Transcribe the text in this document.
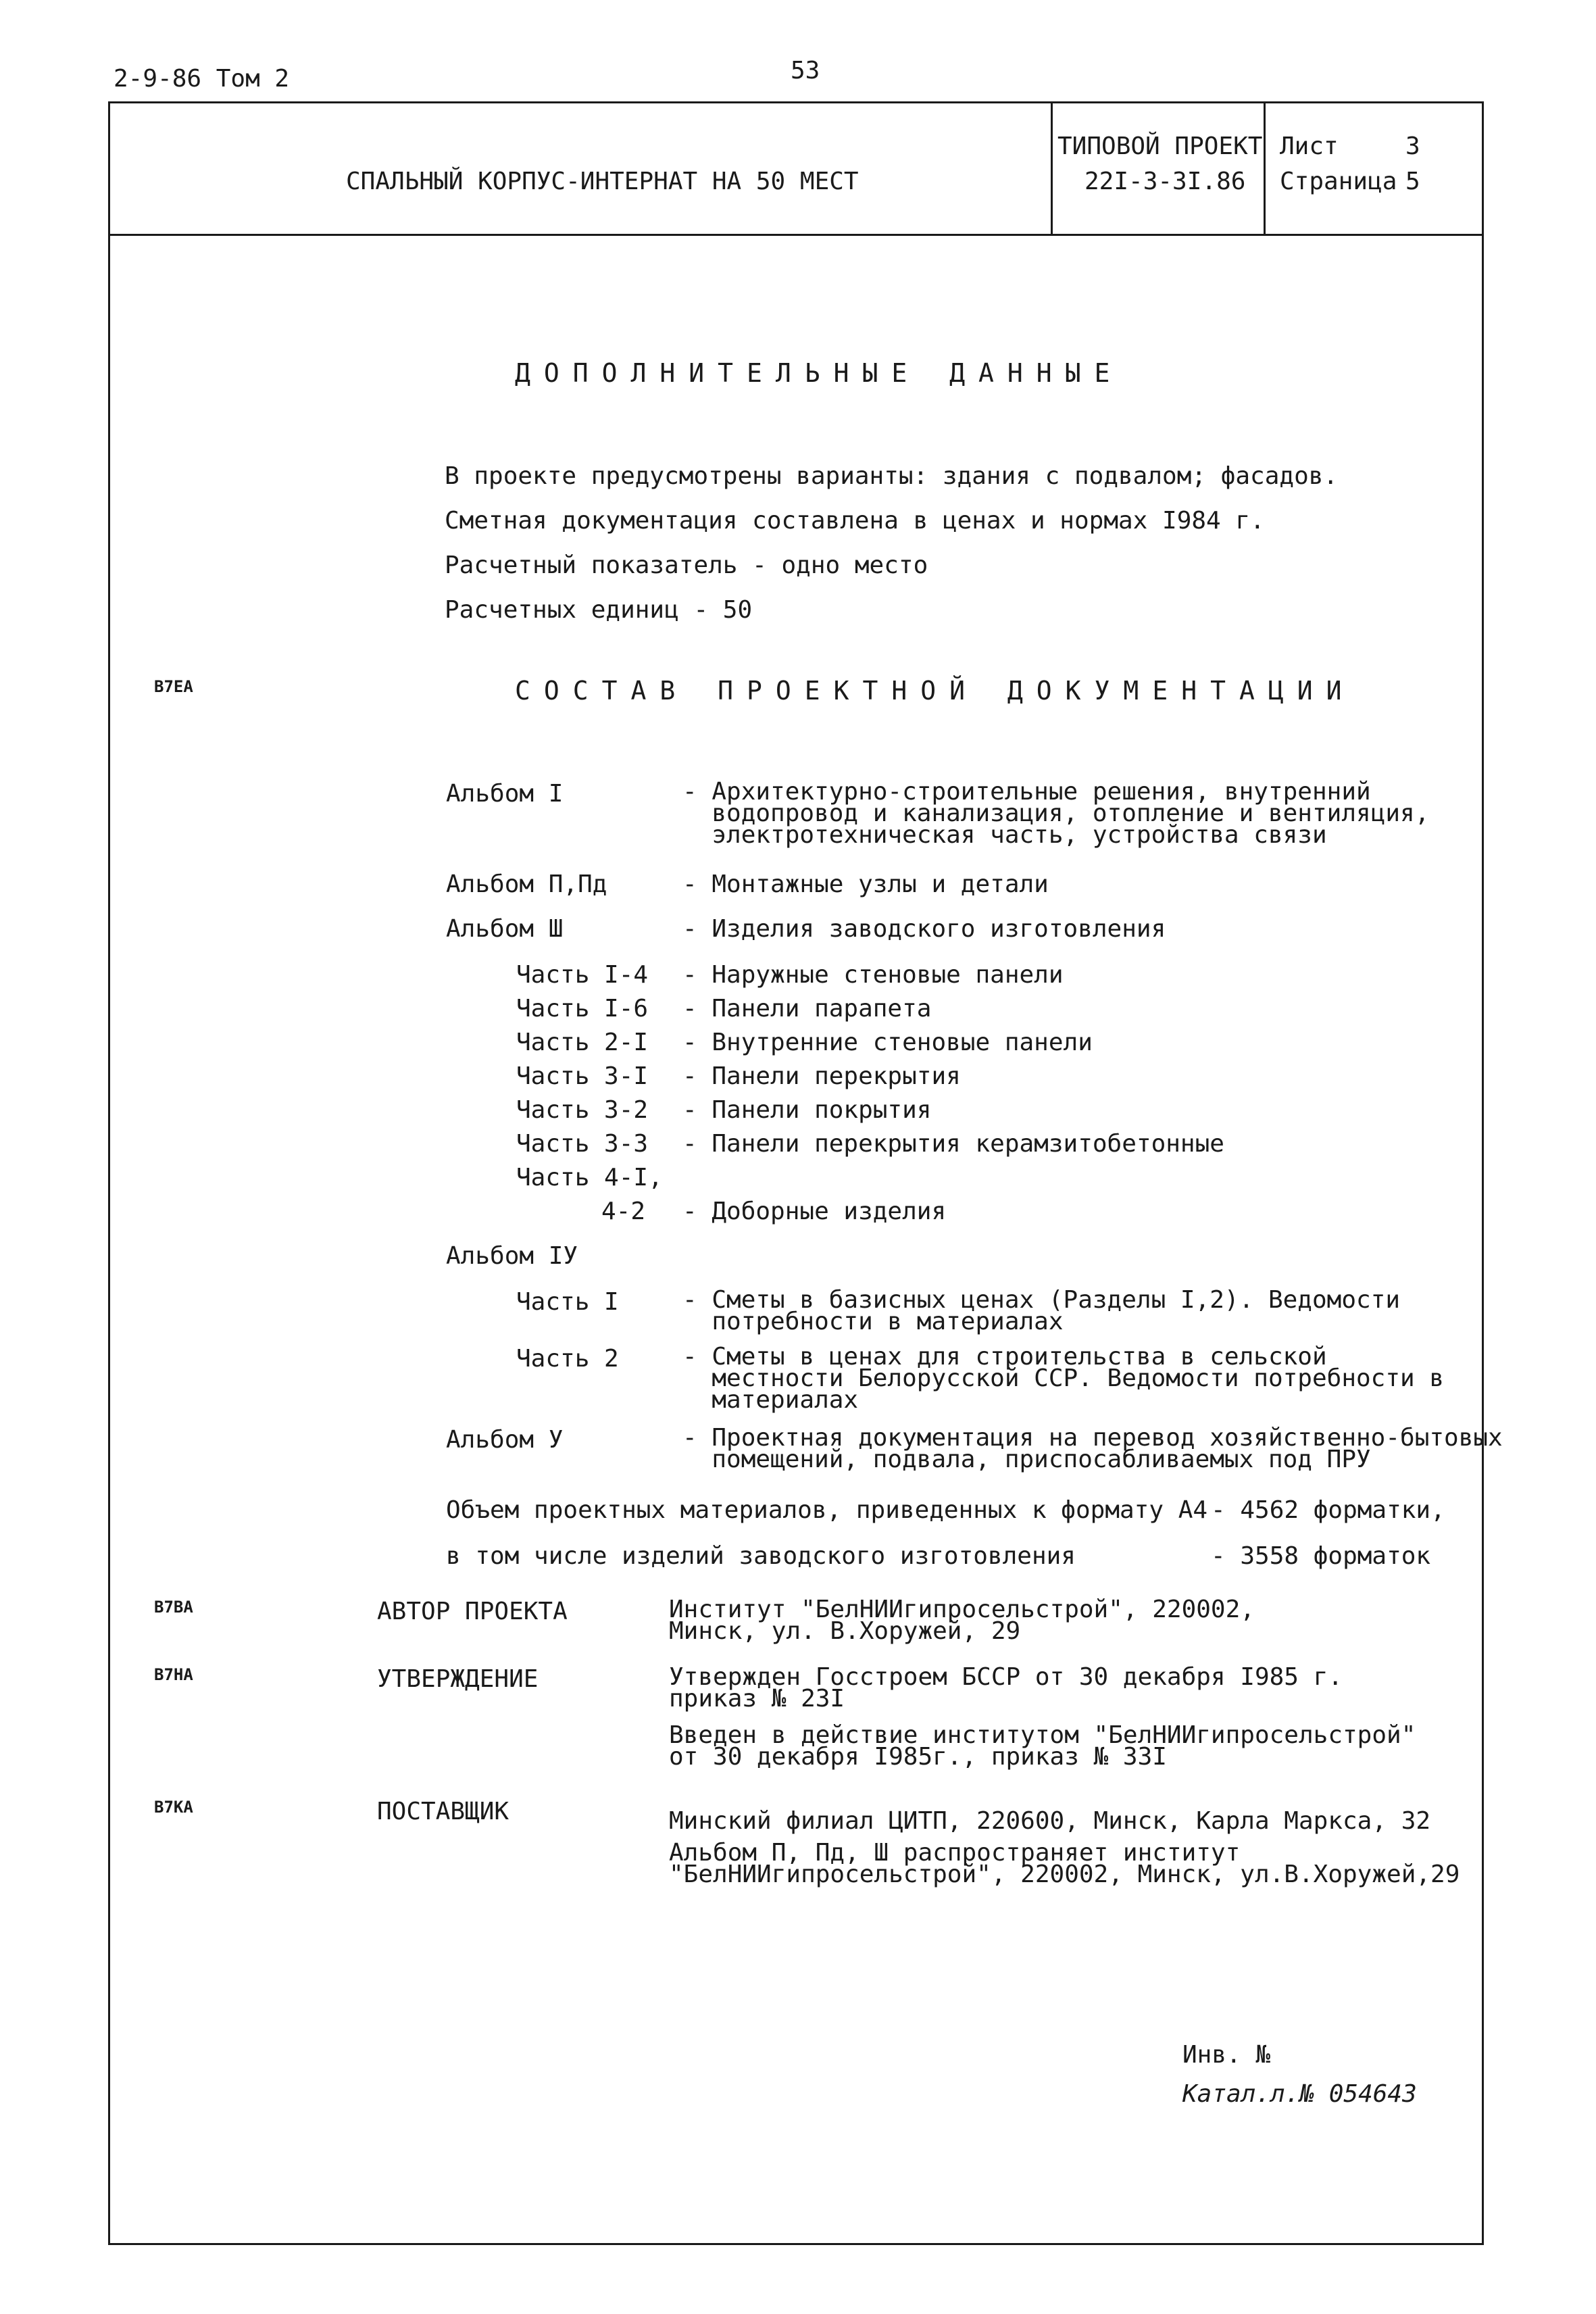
2-9-86 Том 2	53
СПАЛЬНЫЙ КОРПУС-ИНТЕРНАТ НА 50 МЕСТ
ТИПОВОЙ ПРОЕКТ
22I-3-3I.86
Лист	3
Страница 5
ДОПОЛНИТЕЛЬНЫЕ ДАННЫЕ
В проекте предусмотрены варианты: здания с подвалом; фасадов.
Сметная документация составлена в ценах и нормах I984 г.
Расчетный показатель - одно место
Расчетных единиц - 50
В7ЕА	СОСТАВ ПРОЕКТНОЙ ДОКУМЕНТАЦИИ
Альбом I	- Архитектурно-строительные решения, внутренний
водопровод и канализация, отопление и вентиляция,
электротехническая часть, устройства связи
Альбом П,Пд	- Монтажные узлы и детали
Альбом Ш	- Изделия заводского изготовления
Часть I-4 - Наружные стеновые панели
Часть I-6 - Панели парапета
Часть 2-I - Внутренние стеновые панели
Часть 3-I - Панели перекрытия
Часть 3-2 - Панели покрытия
Часть 3-3 - Панели перекрытия керамзитобетонные
Часть 4-I,
4-2 - Доборные изделия
Альбом IУ
Часть I	- Сметы в базисных ценах (Разделы I,2). Ведомости
потребности в материалах
Часть 2	- Сметы в ценах для строительства в сельской
местности Белорусской ССР. Ведомости потребности в
материалах
Альбом У	- Проектная документация на перевод хозяйственно-бытовых
помещений, подвала, приспосабливаемых под ПРУ
Объем проектных материалов, приведенных к формату А4 - 4562 форматки,
в том числе изделий заводского изготовления	- 3558 форматок
В7ВА	АВТОР ПРОЕКТА	Институт "БелНИИгипросельстрой", 220002,
Минск, ул. В.Хоружей, 29
В7НА	УТВЕРЖДЕНИЕ	Утвержден Госстроем БССР от 30 декабря I985 г.
приказ № 23I
Введен в действие институтом "БелНИИгипросельстрой"
от 30 декабря I985г., приказ № 33I
В7КА	ПОСТАВЩИК	Минский филиал ЦИТП, 220600, Минск, Карла Маркса, 32
Альбом П, Пд, Ш распространяет институт
"БелНИИгипросельстрой", 220002, Минск, ул.В.Хоружей,29
Инв. №
Катал.л.№ 054643
